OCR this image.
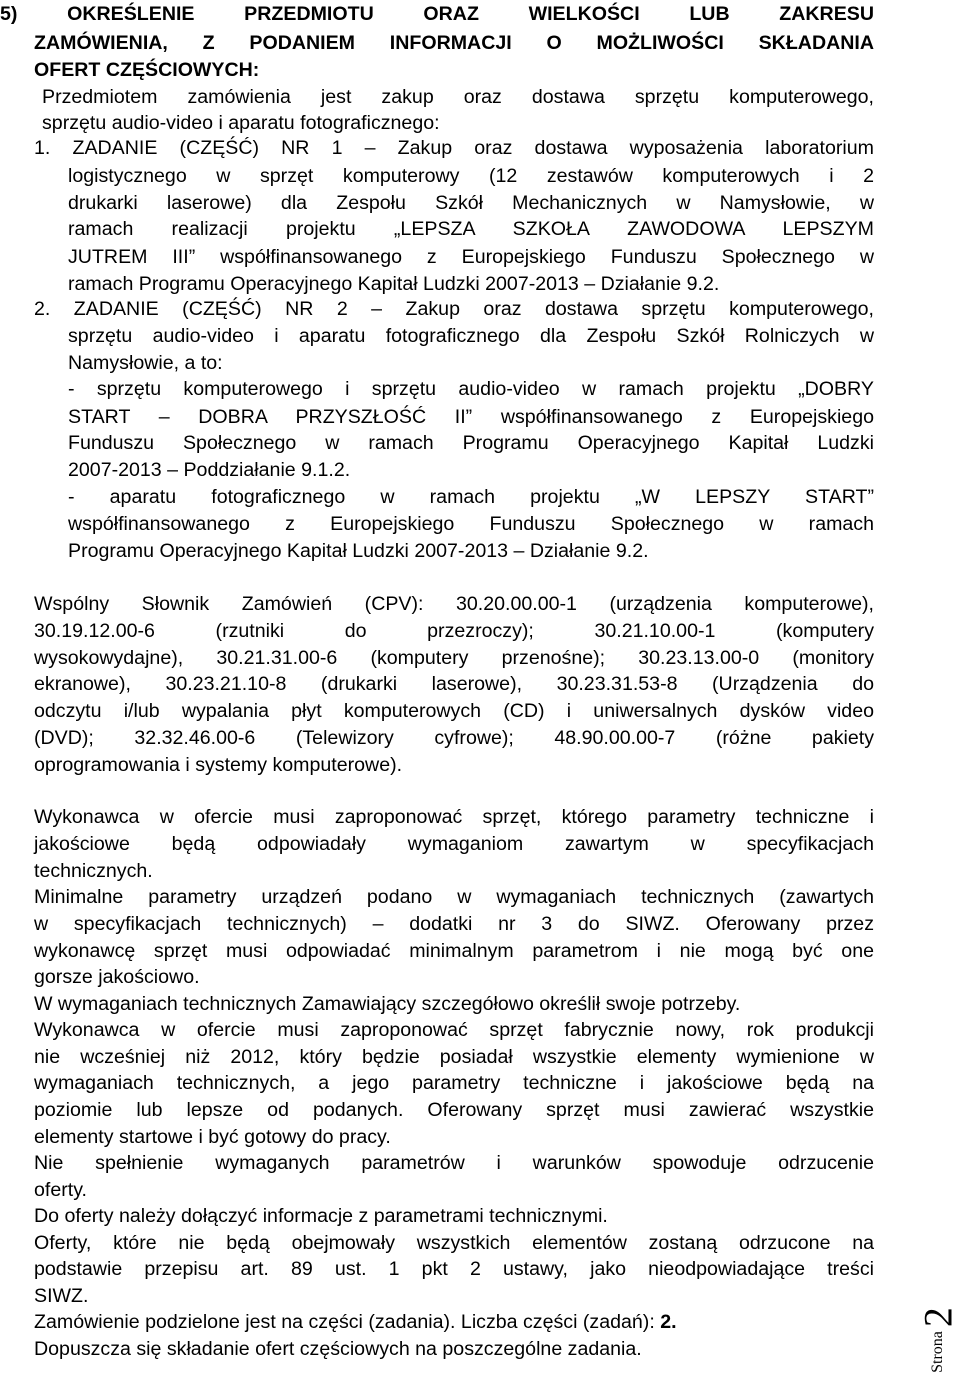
5) OKREŚLENIE PRZEDMIOTU ORAZ WIELKOŚCI LUB ZAKRESU
ZAMÓWIENIA, Z PODANIEM INFORMACJI O MOŻLIWOŚCI SKŁADANIA
OFERT CZĘŚCIOWYCH:
Przedmiotem zamówienia jest zakup oraz dostawa sprzętu komputerowego,
sprzętu audio-video i aparatu fotograficznego:
1. ZADANIE (CZĘŚĆ) NR 1 – Zakup oraz dostawa wyposażenia laboratorium
logistycznego w sprzęt komputerowy (12 zestawów komputerowych i 2
drukarki laserowe) dla Zespołu Szkół Mechanicznych w Namysłowie, w
ramach realizacji projektu „LEPSZA SZKOŁA ZAWODOWA LEPSZYM
JUTREM III” współfinansowanego z Europejskiego Funduszu Społecznego w
ramach Programu Operacyjnego Kapitał Ludzki 2007-2013 – Działanie 9.2.
2. ZADANIE (CZĘŚĆ) NR 2 – Zakup oraz dostawa sprzętu komputerowego,
sprzętu audio-video i aparatu fotograficznego dla Zespołu Szkół Rolniczych w
Namysłowie, a to:
- sprzętu komputerowego i sprzętu audio-video w ramach projektu „DOBRY
START – DOBRA PRZYSZŁOŚĆ II” współfinansowanego z Europejskiego
Funduszu Społecznego w ramach Programu Operacyjnego Kapitał Ludzki
2007-2013 – Poddziałanie 9.1.2.
- aparatu fotograficznego w ramach projektu „W LEPSZY START”
współfinansowanego z Europejskiego Funduszu Społecznego w ramach
Programu Operacyjnego Kapitał Ludzki 2007-2013 – Działanie 9.2.
Wspólny Słownik Zamówień (CPV): 30.20.00.00-1 (urządzenia komputerowe),
30.19.12.00-6 (rzutniki do przezroczy); 30.21.10.00-1 (komputery
wysokowydajne), 30.21.31.00-6 (komputery przenośne); 30.23.13.00-0 (monitory
ekranowe), 30.23.21.10-8 (drukarki laserowe), 30.23.31.53-8 (Urządzenia do
odczytu i/lub wypalania płyt komputerowych (CD) i uniwersalnych dysków video
(DVD); 32.32.46.00-6 (Telewizory cyfrowe); 48.90.00.00-7 (różne pakiety
oprogramowania i systemy komputerowe).
Wykonawca w ofercie musi zaproponować sprzęt, którego parametry techniczne i
jakościowe będą odpowiadały wymaganiom zawartym w specyfikacjach
technicznych.
Minimalne parametry urządzeń podano w wymaganiach technicznych (zawartych
w specyfikacjach technicznych) – dodatki nr 3 do SIWZ. Oferowany przez
wykonawcę sprzęt musi odpowiadać minimalnym parametrom i nie mogą być one
gorsze jakościowo.
W wymaganiach technicznych Zamawiający szczegółowo określił swoje potrzeby.
Wykonawca w ofercie musi zaproponować sprzęt fabrycznie nowy, rok produkcji
nie wcześniej niż 2012, który będzie posiadał wszystkie elementy wymienione w
wymaganiach technicznych, a jego parametry techniczne i jakościowe będą na
poziomie lub lepsze od podanych. Oferowany sprzęt musi zawierać wszystkie
elementy startowe i być gotowy do pracy.
Nie spełnienie wymaganych parametrów i warunków spowoduje odrzucenie
oferty.
Do oferty należy dołączyć informacje z parametrami technicznymi.
Oferty, które nie będą obejmowały wszystkich elementów zostaną odrzucone na
podstawie przepisu art. 89 ust. 1 pkt 2 ustawy, jako nieodpowiadające treści
SIWZ.
Zamówienie podzielone jest na części (zadania). Liczba części (zadań): 2.
Dopuszcza się składanie ofert częściowych na poszczególne zadania.	Strona2
